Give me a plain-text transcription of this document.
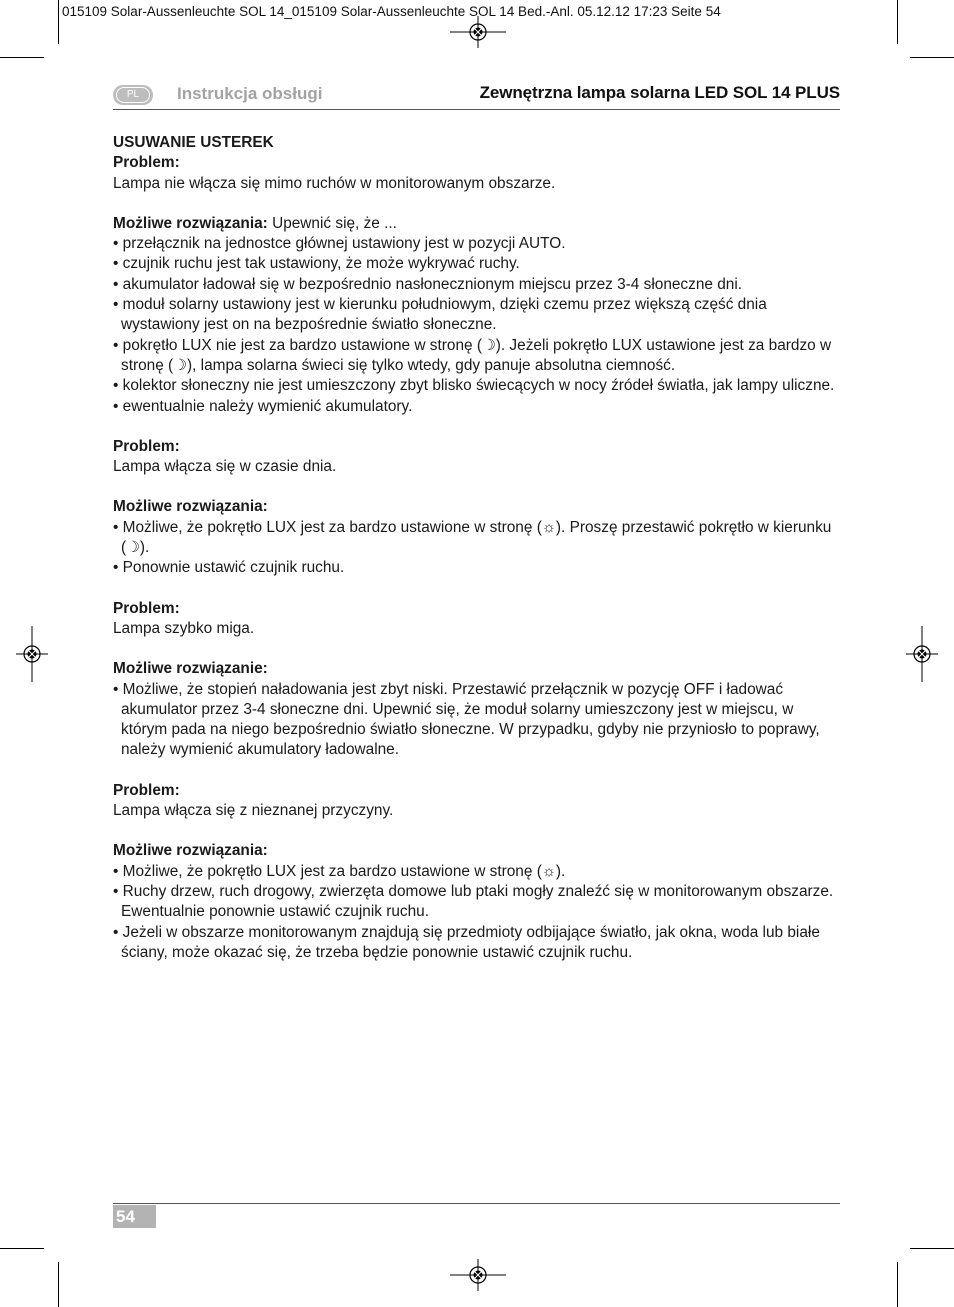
015109 Solar-Aussenleuchte SOL 14_015109 Solar-Aussenleuchte SOL 14 Bed.-Anl. 05.12.12 17:23 Seite 54
PL	Instrukcja obsługi	Zewnętrzna lampa solarna LED SOL 14 PLUS

USUWANIE USTEREK

Problem:

Lampa nie włącza się mimo ruchów w monitorowanym obszarze.

Możliwe rozwiązania: Upewnić się, że ...

• przełącznik na jednostce głównej ustawiony jest w pozycji AUTO.

• czujnik ruchu jest tak ustawiony, że może wykrywać ruchy.

• akumulator ładował się w bezpośrednio nasłonecznionym miejscu przez 3-4 słoneczne dni.

• moduł solarny ustawiony jest w kierunku południowym, dzięki czemu przez większą część dnia wystawiony jest on na bezpośrednie światło słoneczne.

• pokrętło LUX nie jest za bardzo ustawione w stronę (☽). Jeżeli pokrętło LUX ustawione jest za bardzo w stronę (☽), lampa solarna świeci się tylko wtedy, gdy panuje absolutna ciemność.

• kolektor słoneczny nie jest umieszczony zbyt blisko świecących w nocy źródeł światła, jak lampy uliczne.

• ewentualnie należy wymienić akumulatory.

Problem:

Lampa włącza się w czasie dnia.

Możliwe rozwiązania:

• Możliwe, że pokrętło LUX jest za bardzo ustawione w stronę (☼). Proszę przestawić pokrętło w kierunku (☽).

• Ponownie ustawić czujnik ruchu.

Problem:

Lampa szybko miga.

Możliwe rozwiązanie:

• Możliwe, że stopień naładowania jest zbyt niski. Przestawić przełącznik w pozycję OFF i ładować akumulator przez 3-4 słoneczne dni. Upewnić się, że moduł solarny umieszczony jest w miejscu, w którym pada na niego bezpośrednio światło słoneczne. W przypadku, gdyby nie przyniosło to poprawy, należy wymienić akumulatory ładowalne.

Problem:

Lampa włącza się z nieznanej przyczyny.

Możliwe rozwiązania:

• Możliwe, że pokrętło LUX jest za bardzo ustawione w stronę (☼).

• Ruchy drzew, ruch drogowy, zwierzęta domowe lub ptaki mogły znaleźć się w monitorowanym obszarze. Ewentualnie ponownie ustawić czujnik ruchu.

• Jeżeli w obszarze monitorowanym znajdują się przedmioty odbijające światło, jak okna, woda lub białe ściany, może okazać się, że trzeba będzie ponownie ustawić czujnik ruchu.

54
